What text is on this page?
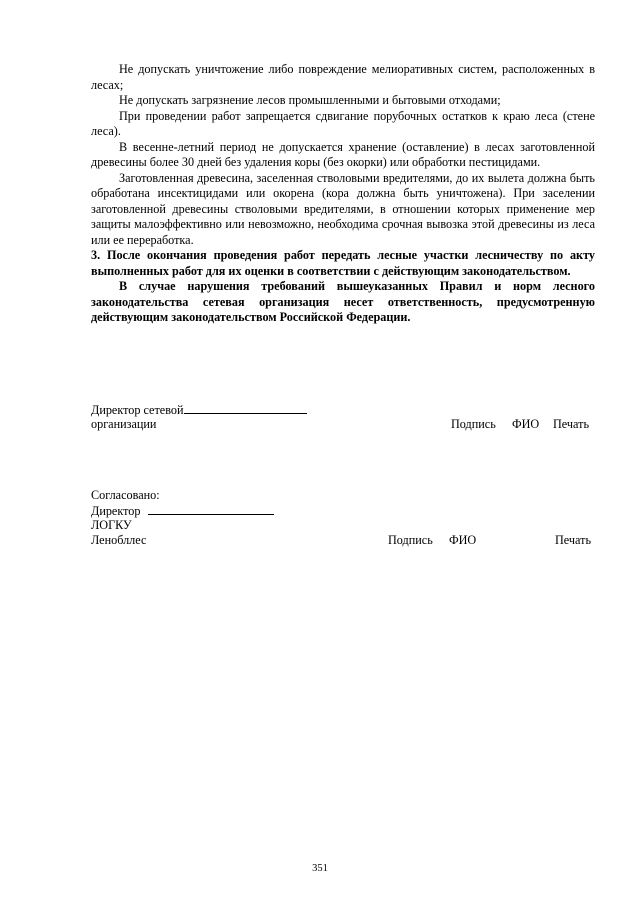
Не допускать уничтожение либо повреждение мелиоративных систем, расположенных в лесах;

Не допускать загрязнение лесов промышленными и бытовыми отходами;

При проведении работ запрещается сдвигание порубочных остатков к краю леса (стене леса).

В весенне-летний период не допускается хранение (оставление) в лесах заготовленной древесины более 30 дней без удаления коры (без окорки) или обработки пестицидами.

Заготовленная древесина, заселенная стволовыми вредителями, до их вылета должна быть обработана инсектицидами или окорена (кора должна быть уничтожена). При заселении заготовленной древесины стволовыми вредителями, в отношении которых применение мер защиты малоэффективно или невозможно, необходима срочная вывозка этой древесины из леса или ее переработка.

3. После окончания проведения работ передать лесные участки лесничеству по акту выполненных работ для их оценки в соответствии с действующим законодательством.

В случае нарушения требований вышеуказанных Правил и норм лесного законодательства сетевая организация несет ответственность, предусмотренную действующим законодательством Российской Федерации.

Директор сетевой
организации	Подпись ФИО Печать
Согласовано:
Директор
ЛОГКУ
Ленобллес	Подпись ФИО	Печать
351
